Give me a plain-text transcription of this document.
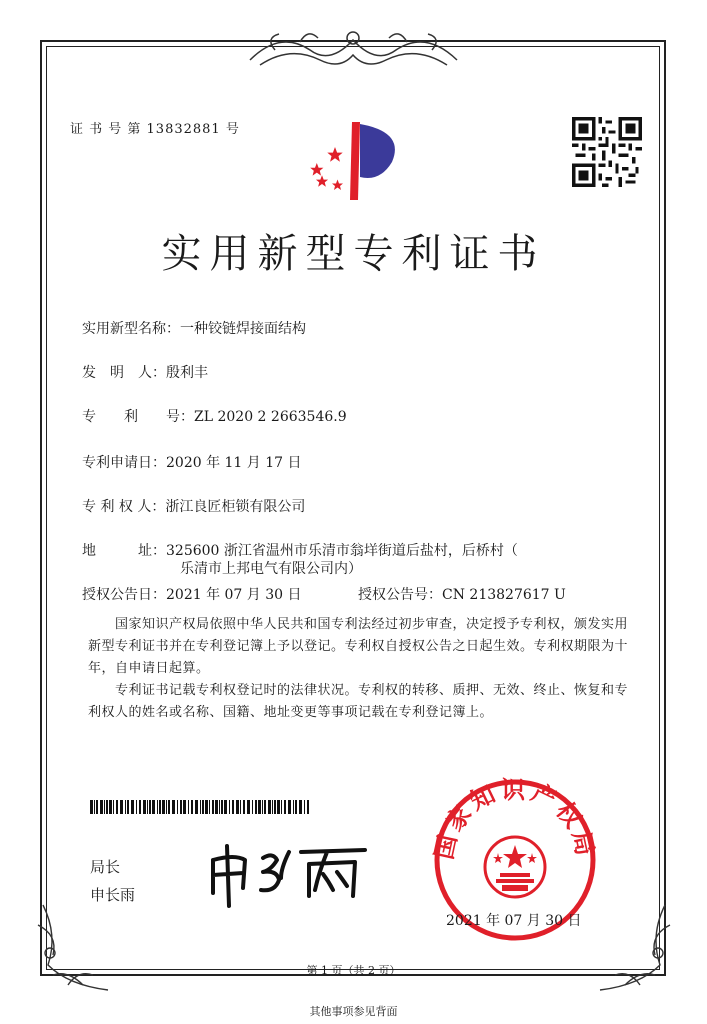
证 书 号 第 13832881 号
实用新型专利证书
实用新型名称：一种铰链焊接面结构
发　明　人：殷利丰
专　　利　　号：ZL 2020 2 2663546.9
专利申请日：2020 年 11 月 17 日
专 利 权 人：浙江良匠柜锁有限公司
地　　　址：325600 浙江省温州市乐清市翁垟街道后盐村，后桥村（
乐清市上邦电气有限公司内）
授权公告日：2021 年 07 月 30 日	授权公告号：CN 213827617 U
　　国家知识产权局依照中华人民共和国专利法经过初步审查，决定授予专利权，颁发实用新型专利证书并在专利登记簿上予以登记。专利权自授权公告之日起生效。专利权期限为十年，自申请日起算。
　　专利证书记载专利权登记时的法律状况。专利权的转移、质押、无效、终止、恢复和专利权人的姓名或名称、国籍、地址变更等事项记载在专利登记簿上。
局长
申长雨
国家知识产权局
2021 年 07 月 30 日
第 1 页（共 2 页）
其他事项参见背面
